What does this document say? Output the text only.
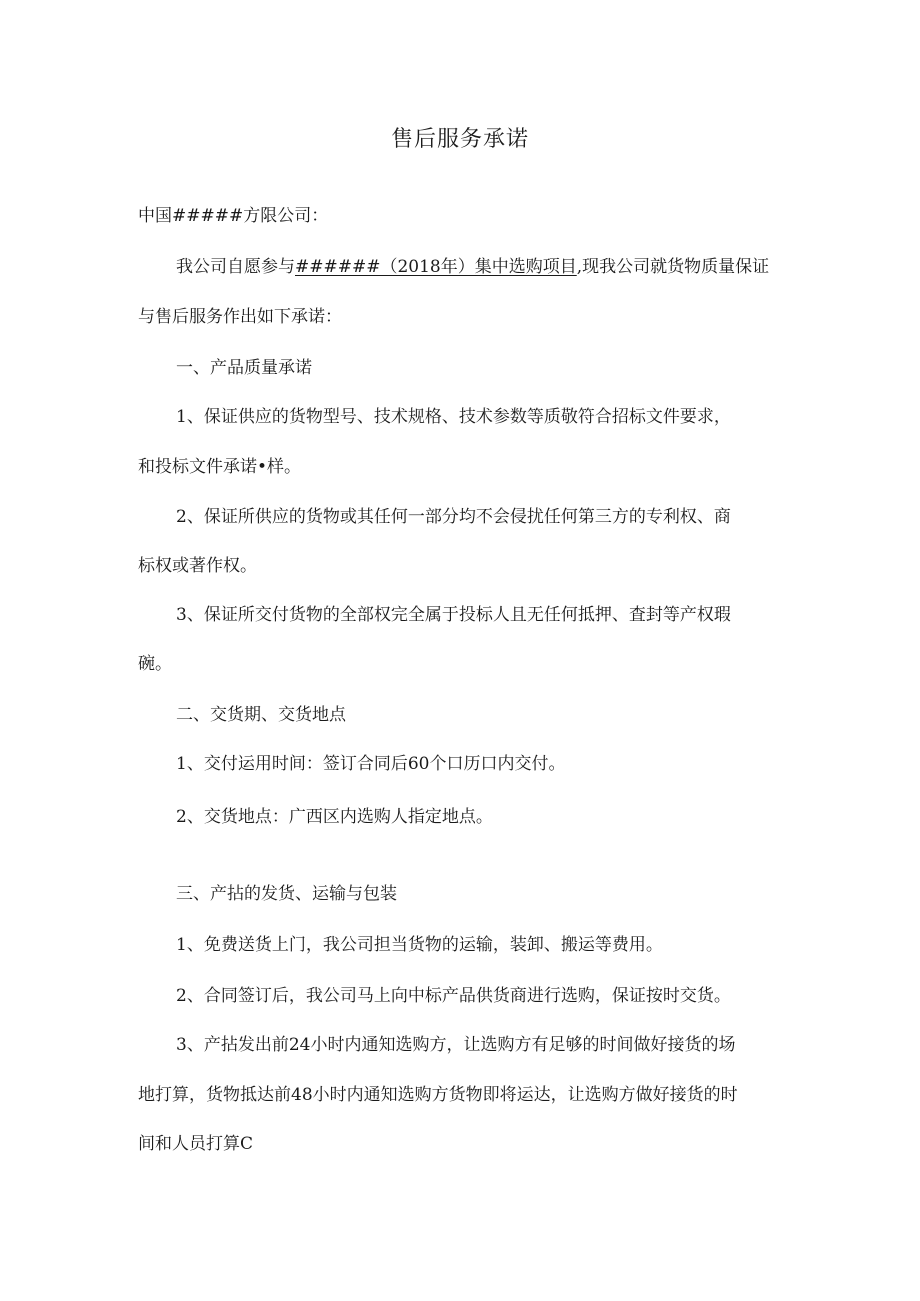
售后服务承诺
中国#####方限公司：
我公司自愿参与######（2018年）集中选购项目,现我公司就货物质量保证
与售后服务作出如下承诺：
一、产品质量承诺
1、保证供应的货物型号、技术规格、技术参数等质敬符合招标文件要求，
和投标文件承诺•样。
2、保证所供应的货物或其任何一部分均不会侵扰任何第三方的专利权、商
标权或著作权。
3、保证所交付货物的全部权完全属于投标人且无任何抵押、査封等产权瑕
碗。
二、交货期、交货地点
1、交付运用时间：签订合同后60个口历口内交付。
2、交货地点：广西区内选购人指定地点。
三、产拈的发货、运输与包装
1、免费送货上门，我公司担当货物的运输，装卸、搬运等费用。
2、合同签订后，我公司马上向中标产品供货商进行选购，保证按时交货。
3、产拈发出前24小时内通知选购方，让选购方有足够的时间做好接货的场
地打算，货物抵达前48小时内通知选购方货物即将运达，让选购方做好接货的时
间和人员打算C
